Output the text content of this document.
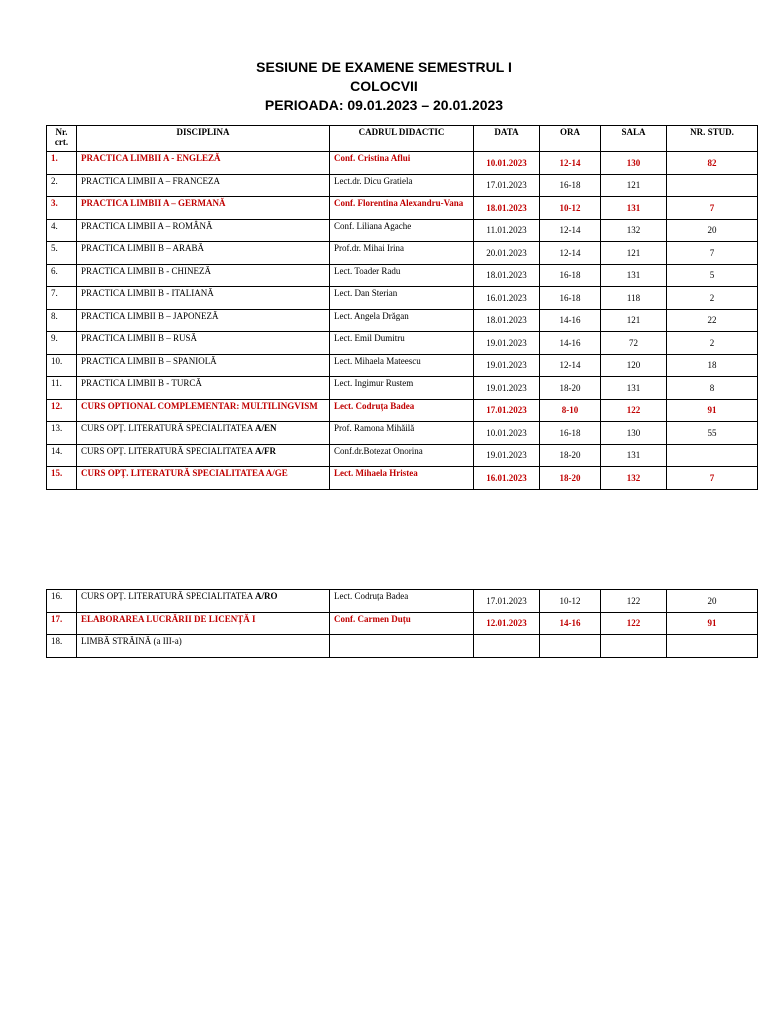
SESIUNE DE EXAMENE SEMESTRUL I
COLOCVII
PERIOADA: 09.01.2023 – 20.01.2023
Nr. crt.	DISCIPLINA	CADRUL DIDACTIC	DATA	ORA	SALA	NR. STUD.
1.	PRACTICA LIMBII A - ENGLEZĂ	Conf. Cristina Aflui	10.01.2023	12-14	130	82
2.	PRACTICA LIMBII A – FRANCEZA	Lect.dr. Dicu Gratiela	17.01.2023	16-18	121	
3.	PRACTICA LIMBII A – GERMANĂ	Conf. Florentina Alexandru-Vana	18.01.2023	10-12	131	7
4.	PRACTICA LIMBII A – ROMÂNĂ	Conf. Liliana Agache	11.01.2023	12-14	132	20
5.	PRACTICA LIMBII B – ARABĂ	Prof.dr. Mihai Irina	20.01.2023	12-14	121	7
6.	PRACTICA LIMBII B - CHINEZĂ	Lect. Toader Radu	18.01.2023	16-18	131	5
7.	PRACTICA LIMBII B - ITALIANĂ	Lect. Dan Sterian	16.01.2023	16-18	118	2
8.	PRACTICA LIMBII B – JAPONEZĂ	Lect. Angela Drăgan	18.01.2023	14-16	121	22
9.	PRACTICA LIMBII B – RUSĂ	Lect. Emil Dumitru	19.01.2023	14-16	72	2
10.	PRACTICA LIMBII B – SPANIOLĂ	Lect. Mihaela Mateescu	19.01.2023	12-14	120	18
11.	PRACTICA LIMBII B - TURCĂ	Lect. Ingimur Rustem	19.01.2023	18-20	131	8
12.	CURS OPTIONAL COMPLEMENTAR: MULTILINGVISM	Lect. Codruța Badea	17.01.2023	8-10	122	91
13.	CURS OPȚ. LITERATURĂ SPECIALITATEA A/EN	Prof. Ramona Mihăilă	10.01.2023	16-18	130	55
14.	CURS OPȚ. LITERATURĂ SPECIALITATEA A/FR	Conf.dr.Botezat Onorina	19.01.2023	18-20	131	
15.	CURS OPȚ. LITERATURĂ SPECIALITATEA A/GE	Lect. Mihaela Hristea	16.01.2023	18-20	132	7
16.	CURS OPȚ. LITERATURĂ SPECIALITATEA A/RO	Lect. Codruța Badea	17.01.2023	10-12	122	20
17.	ELABORAREA LUCRĂRII DE LICENȚĂ I	Conf. Carmen Duțu	12.01.2023	14-16	122	91
18.	LIMBĂ STRĂINĂ (a III-a)					
